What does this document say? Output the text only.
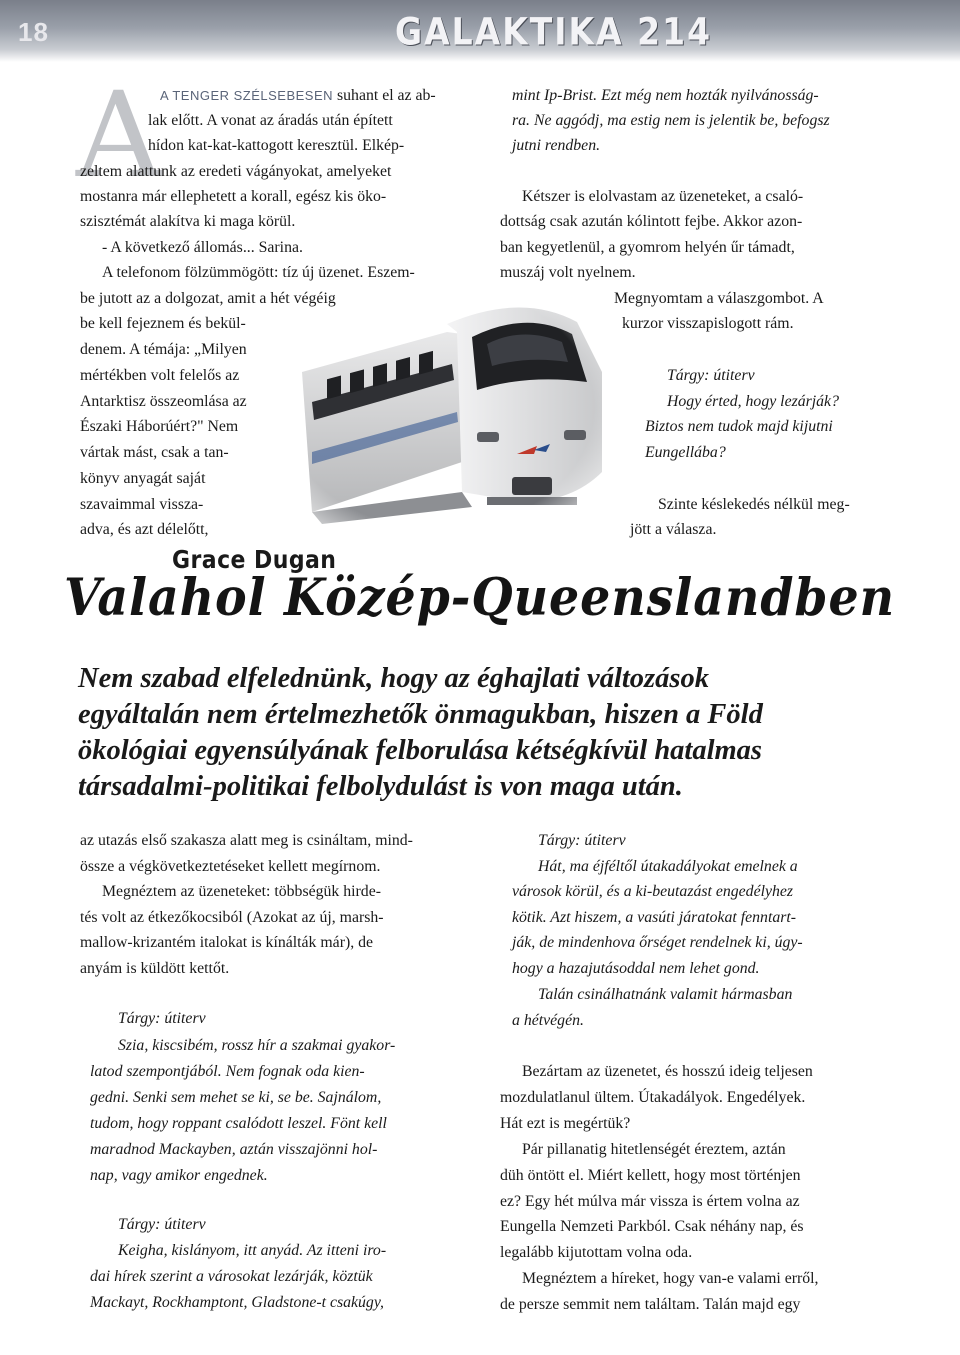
18	GALAKTIKA 214
A
A TENGER SZÉLSEBESEN suhant el az ab-
lak előtt. A vonat az áradás után épített
hídon kat-kat-kattogott keresztül. Elkép-
zeltem alattunk az eredeti vágányokat, amelyeket
mostanra már ellephetett a korall, egész kis öko-
szisztémát alakítva ki maga körül.
- A következő állomás... Sarina.
A telefonom fölzümmögött: tíz új üzenet. Eszem-
be jutott az a dolgozat, amit a hét végéig
be kell fejeznem és bekül-
denem. A témája: „Milyen
mértékben volt felelős az
Antarktisz összeomlása az
Északi Háborúért?" Nem
vártak mást, csak a tan-
könyv anyagát saját
szavaimmal vissza-
adva, és azt délelőtt,
mint Ip-Brist. Ezt még nem hozták nyilvánosság-
ra. Ne aggódj, ma estig nem is jelentik be, befogsz
jutni rendben.
Kétszer is elolvastam az üzeneteket, a csaló-
dottság csak azután kólintott fejbe. Akkor azon-
ban kegyetlenül, a gyomrom helyén űr támadt,
muszáj volt nyelnem.
Megnyomtam a válaszgombot. A
kurzor visszapislogott rám.
Tárgy: útiterv
Hogy érted, hogy lezárják?
Biztos nem tudok majd kijutni
Eungellába?
Szinte késlekedés nélkül meg-
jött a válasza.
Grace Dugan
Valahol Közép-Queenslandben
Nem szabad elfelednünk, hogy az éghajlati változások
egyáltalán nem értelmezhetők önmagukban, hiszen a Föld
ökológiai egyensúlyának felborulása kétségkívül hatalmas
társadalmi-politikai felbolydulást is von maga után.
az utazás első szakasza alatt meg is csináltam, mind-
össze a végkövetkeztetéseket kellett megírnom.
Megnéztem az üzeneteket: többségük hirde-
tés volt az étkezőkocsiból (Azokat az új, marsh-
mallow-krizantém italokat is kínálták már), de
anyám is küldött kettőt.
Tárgy: útiterv
Szia, kiscsibém, rossz hír a szakmai gyakor-
latod szempontjából. Nem fognak oda kien-
gedni. Senki sem mehet se ki, se be. Sajnálom,
tudom, hogy roppant csalódott leszel. Fönt kell
maradnod Mackayben, aztán visszajönni hol-
nap, vagy amikor engednek.
Tárgy: útiterv
Keigha, kislányom, itt anyád. Az itteni iro-
dai hírek szerint a városokat lezárják, köztük
Mackayt, Rockhamptont, Gladstone-t csakúgy,
Tárgy: útiterv
Hát, ma éjféltől útakadályokat emelnek a
városok körül, és a ki-beutazást engedélyhez
kötik. Azt hiszem, a vasúti járatokat fenntart-
ják, de mindenhova őrséget rendelnek ki, úgy-
hogy a hazajutásoddal nem lehet gond.
Talán csinálhatnánk valamit hármasban
a hétvégén.
Bezártam az üzenetet, és hosszú ideig teljesen
mozdulatlanul ültem. Útakadályok. Engedélyek.
Hát ezt is megértük?
Pár pillanatig hitetlenségét éreztem, aztán
düh öntött el. Miért kellett, hogy most történjen
ez? Egy hét múlva már vissza is értem volna az
Eungella Nemzeti Parkból. Csak néhány nap, és
legalább kijutottam volna oda.
Megnéztem a híreket, hogy van-e valami erről,
de persze semmit nem találtam. Talán majd egy
